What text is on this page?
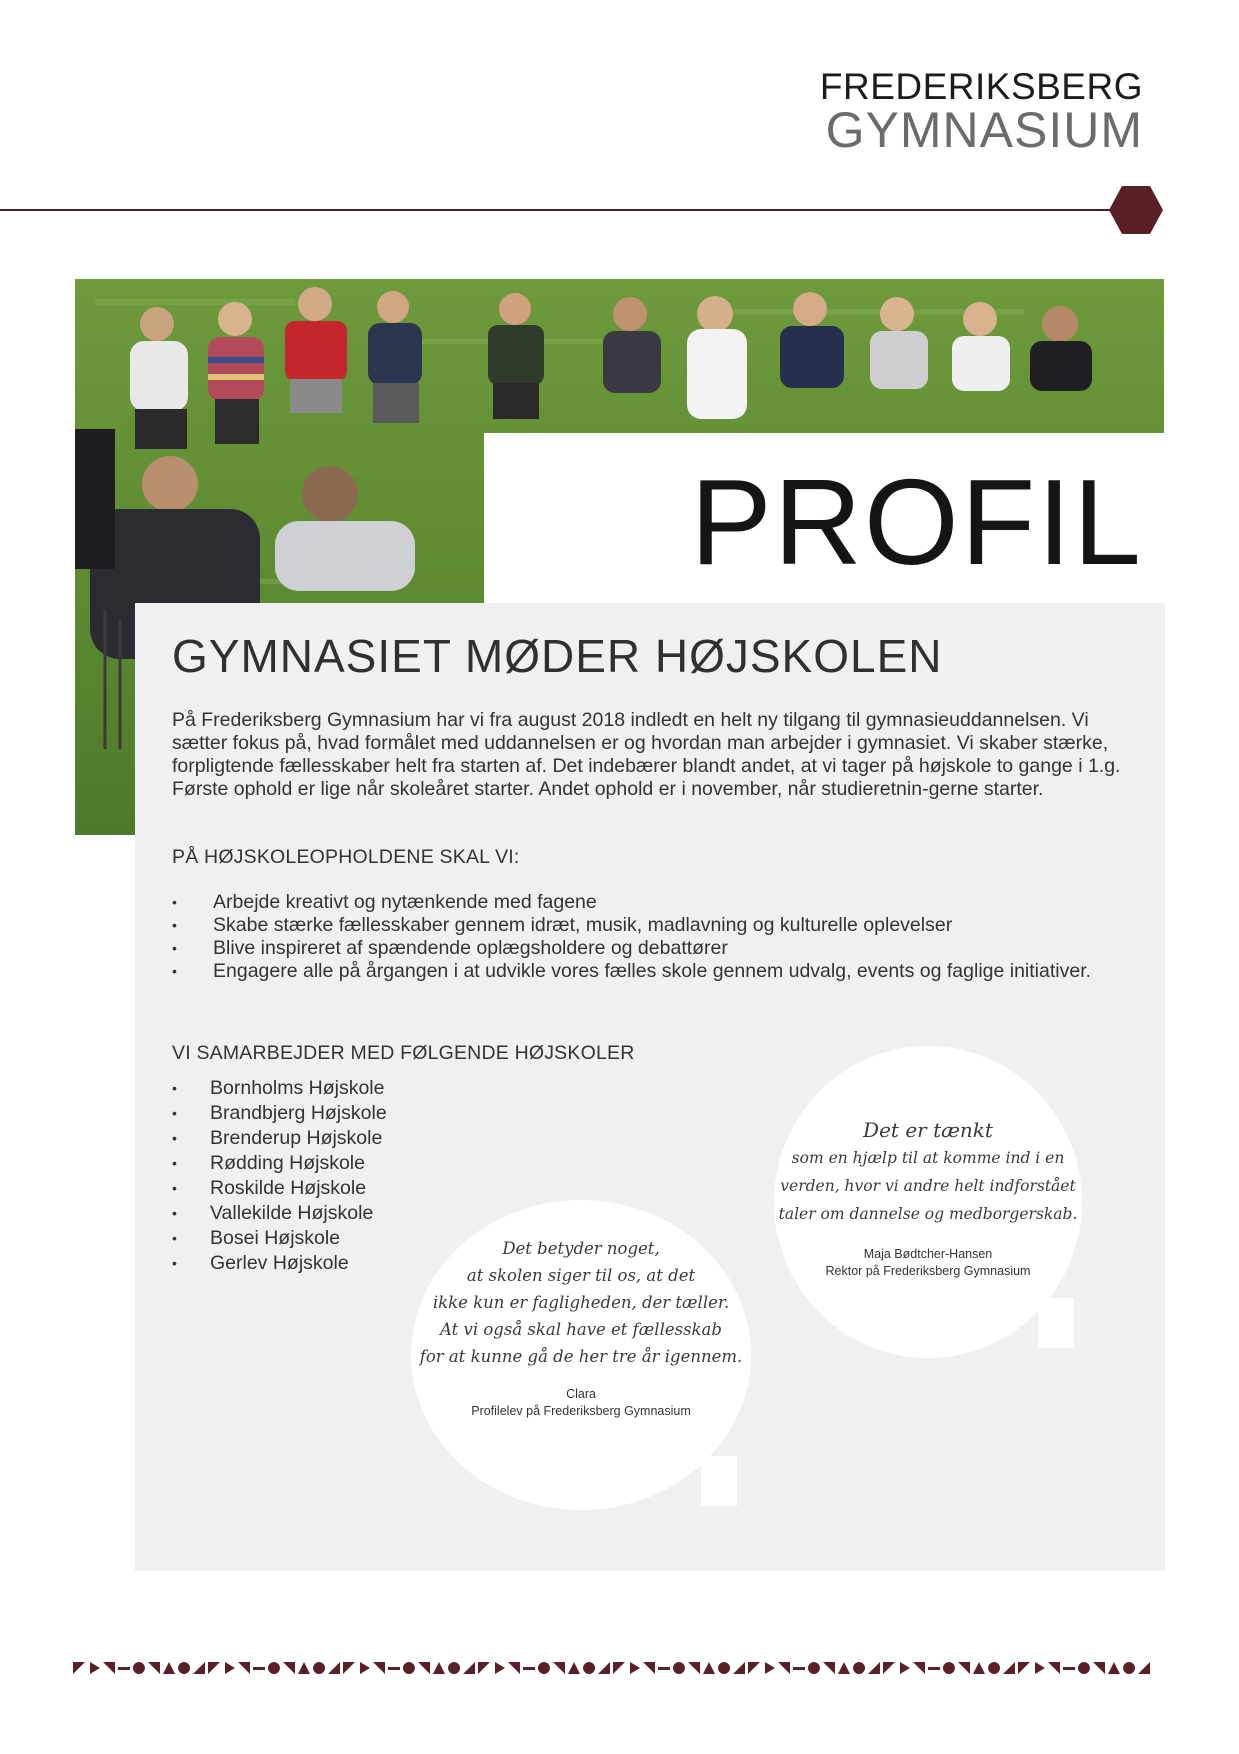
FREDERIKSBERG
GYMNASIUM
PROFIL
GYMNASIET MØDER HØJSKOLEN

På Frederiksberg Gymnasium har vi fra august 2018 indledt en helt ny tilgang til gymnasieuddannelsen. Vi sætter fokus på, hvad formålet med uddannelsen er og hvordan man arbejder i gymnasiet. Vi skaber stærke, forpligtende fællesskaber helt fra starten af. Det indebærer blandt andet, at vi tager på højskole to gange i 1.g. Første ophold er lige når skoleåret starter. Andet ophold er i november, når studieretnin-gerne starter.

PÅ HØJSKOLEOPHOLDENE SKAL VI:
• Arbejde kreativt og nytænkende med fagene
• Skabe stærke fællesskaber gennem idræt, musik, madlavning og kulturelle oplevelser
• Blive inspireret af spændende oplægsholdere og debattører
• Engagere alle på årgangen i at udvikle vores fælles skole gennem udvalg, events og faglige initiativer.
VI SAMARBEJDER MED FØLGENDE HØJSKOLER
• Bornholms Højskole
• Brandbjerg Højskole
• Brenderup Højskole
• Rødding Højskole
• Roskilde Højskole
• Vallekilde Højskole
• Bosei Højskole
• Gerlev Højskole
Det betyder noget,
at skolen siger til os, at det
ikke kun er fagligheden, der tæller.
At vi også skal have et fællesskab
for at kunne gå de her tre år igennem.
Clara
Profilelev på Frederiksberg Gymnasium
Det er tænkt
som en hjælp til at komme ind i en
verden, hvor vi andre helt indforstået
taler om dannelse og medborgerskab.
Maja Bødtcher-Hansen
Rektor på Frederiksberg Gymnasium
